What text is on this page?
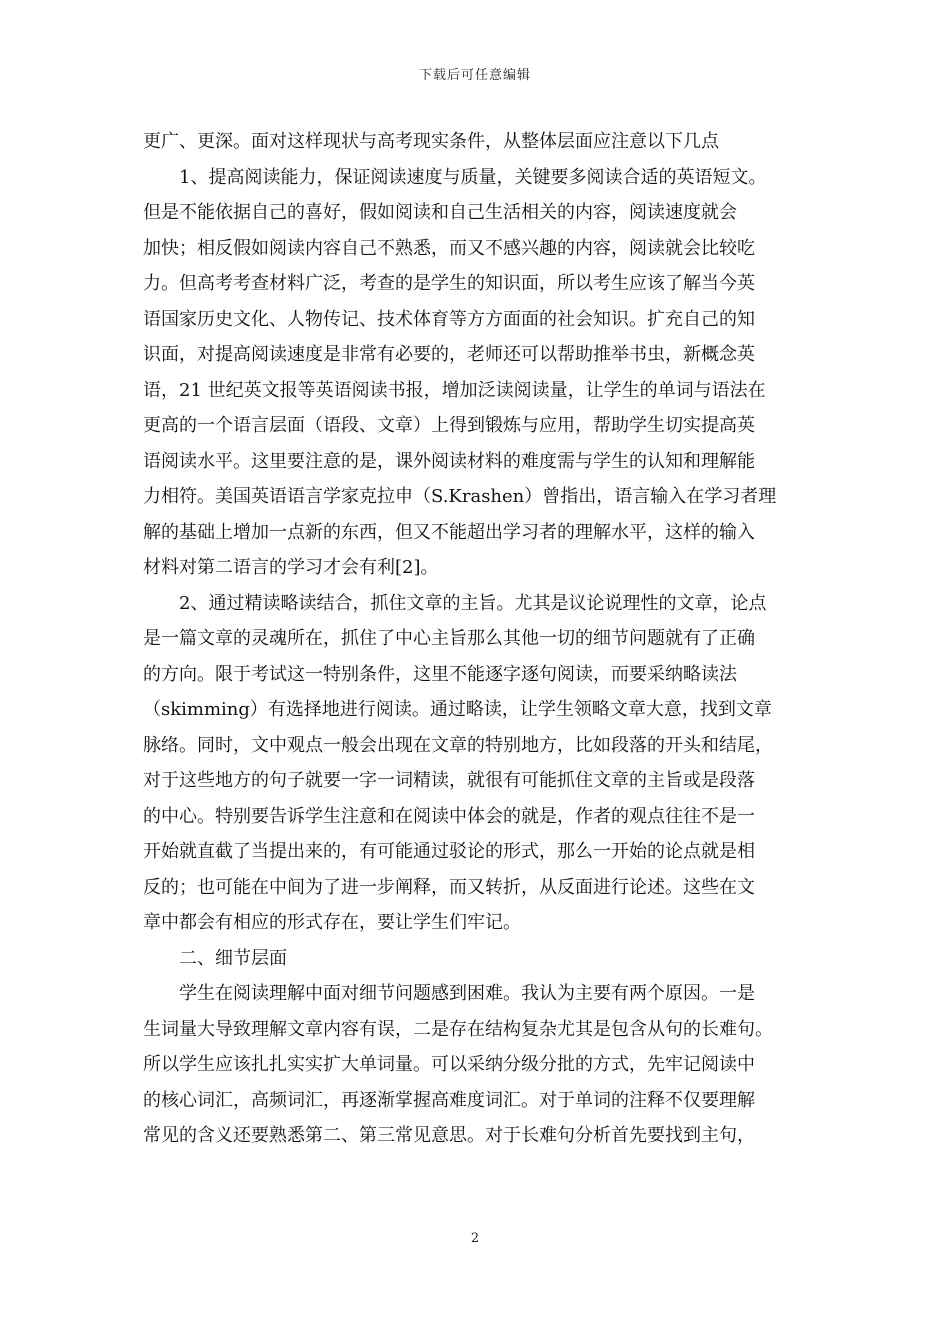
下载后可任意编辑
更广、更深。面对这样现状与高考现实条件，从整体层面应注意以下几点
1、提高阅读能力，保证阅读速度与质量，关键要多阅读合适的英语短文。
但是不能依据自己的喜好，假如阅读和自己生活相关的内容，阅读速度就会
加快；相反假如阅读内容自己不熟悉，而又不感兴趣的内容，阅读就会比较吃
力。但高考考查材料广泛，考查的是学生的知识面，所以考生应该了解当今英
语国家历史文化、人物传记、技术体育等方方面面的社会知识。扩充自己的知
识面，对提高阅读速度是非常有必要的，老师还可以帮助推举书虫，新概念英
语，21 世纪英文报等英语阅读书报，增加泛读阅读量，让学生的单词与语法在
更高的一个语言层面（语段、文章）上得到锻炼与应用，帮助学生切实提高英
语阅读水平。这里要注意的是，课外阅读材料的难度需与学生的认知和理解能
力相符。美国英语语言学家克拉申（S.Krashen）曾指出，语言输入在学习者理
解的基础上增加一点新的东西，但又不能超出学习者的理解水平，这样的输入
材料对第二语言的学习才会有利[2]。
2、通过精读略读结合，抓住文章的主旨。尤其是议论说理性的文章，论点
是一篇文章的灵魂所在，抓住了中心主旨那么其他一切的细节问题就有了正确
的方向。限于考试这一特别条件，这里不能逐字逐句阅读，而要采纳略读法
（skimming）有选择地进行阅读。通过略读，让学生领略文章大意，找到文章
脉络。同时，文中观点一般会出现在文章的特别地方，比如段落的开头和结尾，
对于这些地方的句子就要一字一词精读，就很有可能抓住文章的主旨或是段落
的中心。特别要告诉学生注意和在阅读中体会的就是，作者的观点往往不是一
开始就直截了当提出来的，有可能通过驳论的形式，那么一开始的论点就是相
反的；也可能在中间为了进一步阐释，而又转折，从反面进行论述。这些在文
章中都会有相应的形式存在，要让学生们牢记。
二、细节层面
学生在阅读理解中面对细节问题感到困难。我认为主要有两个原因。一是
生词量大导致理解文章内容有误，二是存在结构复杂尤其是包含从句的长难句。
所以学生应该扎扎实实扩大单词量。可以采纳分级分批的方式，先牢记阅读中
的核心词汇，高频词汇，再逐渐掌握高难度词汇。对于单词的注释不仅要理解
常见的含义还要熟悉第二、第三常见意思。对于长难句分析首先要找到主句，
2
